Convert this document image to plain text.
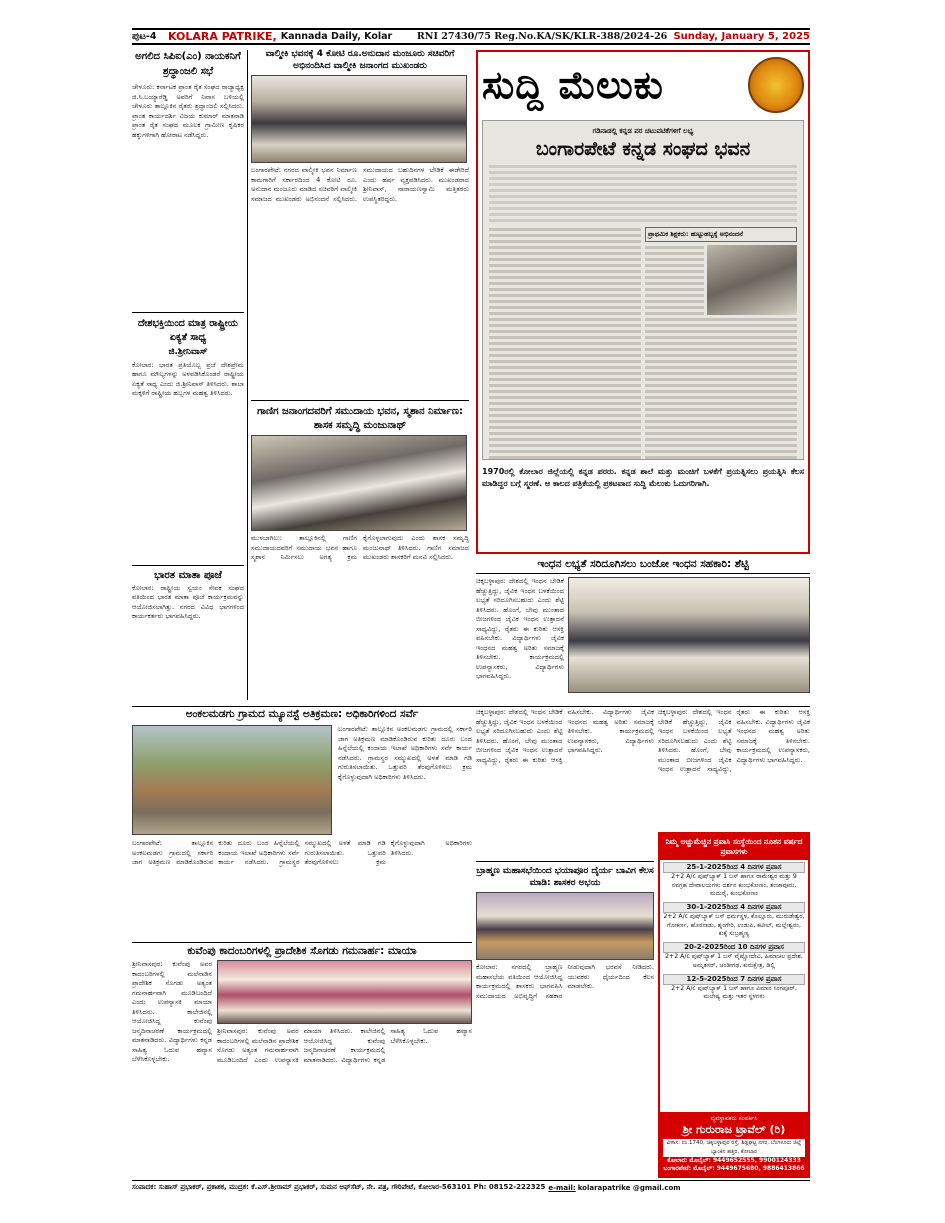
ಪುಟ-4	KOLARA PATRIKE, Kannada Daily, Kolar	RNI 27430/75 Reg.No.KA/SK/KLR-388/2024-26 Sunday, January 5, 2025
ಅಗಲಿದ ಸಿಪಿಐ(ಎಂ) ನಾಯಕನಿಗೆ ಶ್ರದ್ಧಾಂಜಲಿ ಸಭೆ
ಚೇಳೂರು: ಕರ್ನಾಟಕ ಪ್ರಾಂತ ರೈತ ಸಂಘದ ರಾಜ್ಯಾಧ್ಯಕ್ಷ ಜಿ.ಸಿ.ಬಯ್ಯಾರೆಡ್ಡಿ ಅವರಿಗೆ ನಿವಾಸ ಬಳಿಯಲ್ಲಿ ಚೇಳೂರು ತಾಲ್ಲೂಕಿನ ರೈತರು ಶ್ರದ್ಧಾಂಜಲಿ ಸಲ್ಲಿಸಿದರು. ಪ್ರಾಂತ ಕಾರ್ಯದರ್ಶಿ ವಿಜಯ ಕುಮಾರ್ ಮಾತನಾಡಿ ಪ್ರಾಂತ ರೈತ ಸಂಘದ ಮೂಲಕ ಗ್ರಾಮೀಣ ಕೃಷಿಕರ ಹಕ್ಕುಗಳಿಗಾಗಿ ಹೋರಾಟ ನಡೆಸಿದ್ದರು.
ದೇಶಭಕ್ತಿಯಿಂದ ಮಾತ್ರ ರಾಷ್ಟ್ರೀಯ ಏಕ್ಯತೆ ಸಾಧ್ಯ
ಜಿ.ಶ್ರೀನಿವಾಸ್
ಕೋಲಾರ: ಭಾರತ ಪ್ರತಿಯೊಬ್ಬ ಪ್ರಜೆ ದೇಶಪ್ರೇಮ ಹಾಗೂ ಮೌಲ್ಯಗಳನ್ನು ಅಳವಡಿಸಿಕೊಂಡರೆ ರಾಷ್ಟ್ರೀಯ ಏಕ್ಯತೆ ಸಾಧ್ಯ ಎಂದು ಜಿ.ಶ್ರೀನಿವಾಸ್ ತಿಳಿಸಿದರು. ಶಾಲಾ ಮಕ್ಕಳಿಗೆ ರಾಷ್ಟ್ರೀಯ ಹಬ್ಬಗಳ ಮಹತ್ವ ತಿಳಿಸಿದರು.
ಭಾರತ ಮಾತಾ ಪೂಜೆ
ಕೋಲಾರ: ರಾಷ್ಟ್ರೀಯ ಸ್ವಯಂ ಸೇವಕ ಸಂಘದ ವತಿಯಿಂದ ಭಾರತ ಮಾತಾ ಪೂಜೆ ಕಾರ್ಯಕ್ರಮವನ್ನು ಆಯೋಜಿಸಲಾಗಿತ್ತು. ನಗರದ ವಿವಿಧ ಭಾಗಗಳಿಂದ ಕಾರ್ಯಕರ್ತರು ಭಾಗವಹಿಸಿದ್ದರು.
ವಾಲ್ಮೀಕಿ ಭವನಕ್ಕೆ 4 ಕೋಟಿ ರೂ.ಅನುದಾನ ಮಂಜೂರು ಸಚಿವರಿಗೆ ಅಭಿನಂದಿಸಿದ ವಾಲ್ಮೀಕಿ ಜನಾಂಗದ ಮುಖಂಡರು
ಬಂಗಾರಪೇಟೆ: ನಗರದ ವಾಲ್ಮೀಕಿ ಭವನ ನಿರ್ಮಾಣ ಕಾಮಗಾರಿಗೆ ಸರ್ಕಾರದಿಂದ 4 ಕೋಟಿ ರೂ. ಅನುದಾನ ಮಂಜೂರು ಮಾಡಿದ ಸಚಿವರಿಗೆ ವಾಲ್ಮೀಕಿ ಸಮಾಜದ ಮುಖಂಡರು ಅಭಿನಂದನೆ ಸಲ್ಲಿಸಿದರು. ಸಮುದಾಯದ ಬಹುದಿನಗಳ ಬೇಡಿಕೆ ಈಡೇರಿದೆ ಎಂದು ಹರ್ಷ ವ್ಯಕ್ತಪಡಿಸಿದರು. ಮುಖಂಡರಾದ ಶ್ರೀನಿವಾಸ್, ನಾರಾಯಣಸ್ವಾಮಿ ಮತ್ತಿತರರು ಉಪಸ್ಥಿತರಿದ್ದರು.
ಗಾಣಿಗ ಜನಾಂಗದವರಿಗೆ ಸಮುದಾಯ ಭವನ, ಸ್ಮಶಾನ ನಿರ್ಮಾಣ: ಶಾಸಕ ಸಮೃದ್ಧಿ ಮಂಜುನಾಥ್
ಮುಳಬಾಗಿಲು: ತಾಲ್ಲೂಕಿನಲ್ಲಿ ಗಾಣಿಗ ಸಮುದಾಯದವರಿಗೆ ಸಮುದಾಯ ಭವನ ಹಾಗೂ ಸ್ಮಶಾನ ನಿರ್ಮಿಸಲು ಅಗತ್ಯ ಕ್ರಮ ಕೈಗೊಳ್ಳಲಾಗುವುದು ಎಂದು ಶಾಸಕ ಸಮೃದ್ಧಿ ಮಂಜುನಾಥ್ ತಿಳಿಸಿದರು. ಗಾಣಿಗ ಸಮಾಜದ ಮುಖಂಡರು ಶಾಸಕರಿಗೆ ಮನವಿ ಸಲ್ಲಿಸಿದರು.
ಸುದ್ದಿ ಮೆಲುಕು
ಗಡಿನಾಡಲ್ಲಿ ಕನ್ನಡ ಪರ ಚಟುವಟಿಕೆಗಳಿಗೆ ಲಭ್ಯ
ಬಂಗಾರಪೇಟೆ ಕನ್ನಡ ಸಂಘದ ಭವನ
ಪ್ರಾಥಮಿಕ ಶಿಕ್ಷಕರು: ಹುಟ್ಟುಹಬ್ಬಕ್ಕೆ ಅಭಿನಂದನೆ
1970ರಲ್ಲಿ ಕೋಲಾರ ಜಿಲ್ಲೆಯಲ್ಲಿ ಕನ್ನಡ ಪರರು. ಕನ್ನಡ ಶಾಲೆ ಮತ್ತು ಮಂಚಿಗೆ ಬಳಕೆಗೆ ಪ್ರಯತ್ನಿಸಲು ಪ್ರಯತ್ನಿಸಿ ಕೆಲಸ ಮಾಡಿದ್ದರ ಬಗ್ಗೆ ಸ್ಮರಣೆ. ಆ ಕಾಲದ ಪತ್ರಿಕೆಯಲ್ಲಿ ಪ್ರಕಟವಾದ ಸುದ್ದಿ ಮೆಲುಕು ಓದುಗರಿಗಾಗಿ.
ಇಂಧನ ಲಭ್ಯತೆ ಸರಿದೂಗಿಸಲು ಬಂಜೋ ಇಂಧನ ಸಹಕಾರಿ: ಶೆಟ್ಟಿ
ಚಿಕ್ಕಬಳ್ಳಾಪುರ: ದೇಶದಲ್ಲಿ ಇಂಧನ ಬೇಡಿಕೆ ಹೆಚ್ಚುತ್ತಿದ್ದು, ಜೈವಿಕ ಇಂಧನ ಬಳಕೆಯಿಂದ ಲಭ್ಯತೆ ಸರಿದೂಗಿಸಬಹುದು ಎಂದು ಶೆಟ್ಟಿ ತಿಳಿಸಿದರು. ಹೊಂಗೆ, ಬೇವು ಮುಂತಾದ ಬೀಜಗಳಿಂದ ಜೈವಿಕ ಇಂಧನ ಉತ್ಪಾದನೆ ಸಾಧ್ಯವಿದ್ದು, ರೈತರು ಈ ಕುರಿತು ಆಸಕ್ತಿ ವಹಿಸಬೇಕು. ವಿದ್ಯಾರ್ಥಿಗಳು ಜೈವಿಕ ಇಂಧನದ ಮಹತ್ವ ಅರಿತು ಸಮಾಜಕ್ಕೆ ತಿಳಿಸಬೇಕು. ಕಾರ್ಯಕ್ರಮದಲ್ಲಿ ಉಪನ್ಯಾಸಕರು, ವಿದ್ಯಾರ್ಥಿಗಳು ಭಾಗವಹಿಸಿದ್ದರು.
ಅಂಕಲಮಡಗು ಗ್ರಾಮದ ಮ್ಯೂನಸ್ಟೆ ಅತಿಕ್ರಮಣ: ಅಧಿಕಾರಿಗಳಿಂದ ಸರ್ವೆ
ಬಂಗಾರಪೇಟೆ: ತಾಲ್ಲೂಕಿನ ಅಂಕಲಮಡಗು ಗ್ರಾಮದಲ್ಲಿ ಸರ್ಕಾರಿ ಜಾಗ ಅತಿಕ್ರಮಣ ಮಾಡಿಕೊಂಡಿರುವ ಕುರಿತು ದೂರು ಬಂದ ಹಿನ್ನೆಲೆಯಲ್ಲಿ ಕಂದಾಯ ಇಲಾಖೆ ಅಧಿಕಾರಿಗಳು ಸರ್ವೆ ಕಾರ್ಯ ನಡೆಸಿದರು. ಗ್ರಾಮಸ್ಥರ ಸಮ್ಮುಖದಲ್ಲಿ ಅಳತೆ ಮಾಡಿ ಗಡಿ ಗುರುತಿಸಲಾಯಿತು. ಒತ್ತುವರಿ ತೆರವುಗೊಳಿಸಲು ಕ್ರಮ ಕೈಗೊಳ್ಳುವುದಾಗಿ ಅಧಿಕಾರಿಗಳು ತಿಳಿಸಿದರು.
ಬಂಗಾರಪೇಟೆ: ತಾಲ್ಲೂಕಿನ ಅಂಕಲಮಡಗು ಗ್ರಾಮದಲ್ಲಿ ಸರ್ಕಾರಿ ಜಾಗ ಅತಿಕ್ರಮಣ ಮಾಡಿಕೊಂಡಿರುವ ಕುರಿತು ದೂರು ಬಂದ ಹಿನ್ನೆಲೆಯಲ್ಲಿ ಕಂದಾಯ ಇಲಾಖೆ ಅಧಿಕಾರಿಗಳು ಸರ್ವೆ ಕಾರ್ಯ ನಡೆಸಿದರು. ಗ್ರಾಮಸ್ಥರ ಸಮ್ಮುಖದಲ್ಲಿ ಅಳತೆ ಮಾಡಿ ಗಡಿ ಗುರುತಿಸಲಾಯಿತು. ಒತ್ತುವರಿ ತೆರವುಗೊಳಿಸಲು ಕ್ರಮ ಕೈಗೊಳ್ಳುವುದಾಗಿ ಅಧಿಕಾರಿಗಳು ತಿಳಿಸಿದರು.
ಕುವೆಂಪು ಕಾದಂಬರಿಗಳಲ್ಲಿ ಪ್ರಾದೇಶಿಕ ಸೊಗಡು ಗಮನಾರ್ಹ: ಮಾಯಾ
ಶ್ರೀನಿವಾಸಪುರ: ಕುವೆಂಪು ಅವರ ಕಾದಂಬರಿಗಳಲ್ಲಿ ಮಲೆನಾಡಿನ ಪ್ರಾದೇಶಿಕ ಸೊಗಡು ಅತ್ಯಂತ ಗಮನಾರ್ಹವಾಗಿ ಮೂಡಿಬಂದಿದೆ ಎಂದು ಉಪನ್ಯಾಸಕಿ ಮಾಯಾ ತಿಳಿಸಿದರು. ಕಾಲೇಜಿನಲ್ಲಿ ಆಯೋಜಿಸಿದ್ದ ಕುವೆಂಪು ಜನ್ಮದಿನಾಚರಣೆ ಕಾರ್ಯಕ್ರಮದಲ್ಲಿ ಮಾತನಾಡಿದರು. ವಿದ್ಯಾರ್ಥಿಗಳು ಕನ್ನಡ ಸಾಹಿತ್ಯ ಓದುವ ಹವ್ಯಾಸ ಬೆಳೆಸಿಕೊಳ್ಳಬೇಕು.
ಶ್ರೀನಿವಾಸಪುರ: ಕುವೆಂಪು ಅವರ ಕಾದಂಬರಿಗಳಲ್ಲಿ ಮಲೆನಾಡಿನ ಪ್ರಾದೇಶಿಕ ಸೊಗಡು ಅತ್ಯಂತ ಗಮನಾರ್ಹವಾಗಿ ಮೂಡಿಬಂದಿದೆ ಎಂದು ಉಪನ್ಯಾಸಕಿ ಮಾಯಾ ತಿಳಿಸಿದರು. ಕಾಲೇಜಿನಲ್ಲಿ ಆಯೋಜಿಸಿದ್ದ ಕುವೆಂಪು ಜನ್ಮದಿನಾಚರಣೆ ಕಾರ್ಯಕ್ರಮದಲ್ಲಿ ಮಾತನಾಡಿದರು. ವಿದ್ಯಾರ್ಥಿಗಳು ಕನ್ನಡ ಸಾಹಿತ್ಯ ಓದುವ ಹವ್ಯಾಸ ಬೆಳೆಸಿಕೊಳ್ಳಬೇಕು.
ಚಿಕ್ಕಬಳ್ಳಾಪುರ: ದೇಶದಲ್ಲಿ ಇಂಧನ ಬೇಡಿಕೆ ಹೆಚ್ಚುತ್ತಿದ್ದು, ಜೈವಿಕ ಇಂಧನ ಬಳಕೆಯಿಂದ ಲಭ್ಯತೆ ಸರಿದೂಗಿಸಬಹುದು ಎಂದು ಶೆಟ್ಟಿ ತಿಳಿಸಿದರು. ಹೊಂಗೆ, ಬೇವು ಮುಂತಾದ ಬೀಜಗಳಿಂದ ಜೈವಿಕ ಇಂಧನ ಉತ್ಪಾದನೆ ಸಾಧ್ಯವಿದ್ದು, ರೈತರು ಈ ಕುರಿತು ಆಸಕ್ತಿ ವಹಿಸಬೇಕು. ವಿದ್ಯಾರ್ಥಿಗಳು ಜೈವಿಕ ಇಂಧನದ ಮಹತ್ವ ಅರಿತು ಸಮಾಜಕ್ಕೆ ತಿಳಿಸಬೇಕು. ಕಾರ್ಯಕ್ರಮದಲ್ಲಿ ಉಪನ್ಯಾಸಕರು, ವಿದ್ಯಾರ್ಥಿಗಳು ಭಾಗವಹಿಸಿದ್ದರು.
ಬ್ರಾಹ್ಮಣ ಮಹಾಸಭೆಯಿಂದ ಭಯಾಪೂರ ದೈರ್ಯ ಬಾವಿಗ ಕೆಲಸ ಮಾಡಿ: ಶಾಸಕರ ಅಭಯ
ಕೋಲಾರ: ನಗರದಲ್ಲಿ ಬ್ರಾಹ್ಮಣ ಮಹಾಸಭೆಯ ವತಿಯಿಂದ ಆಯೋಜಿಸಿದ್ದ ಕಾರ್ಯಕ್ರಮದಲ್ಲಿ ಶಾಸಕರು ಭಾಗವಹಿಸಿ ಸಮುದಾಯದ ಅಭಿವೃದ್ಧಿಗೆ ಸಹಕಾರ ನೀಡುವುದಾಗಿ ಭರವಸೆ ನೀಡಿದರು. ಯುವಕರು ಧೈರ್ಯದಿಂದ ಕೆಲಸ ಮಾಡಬೇಕು.
ಚಿಕ್ಕಬಳ್ಳಾಪುರ: ದೇಶದಲ್ಲಿ ಇಂಧನ ಬೇಡಿಕೆ ಹೆಚ್ಚುತ್ತಿದ್ದು, ಜೈವಿಕ ಇಂಧನ ಬಳಕೆಯಿಂದ ಲಭ್ಯತೆ ಸರಿದೂಗಿಸಬಹುದು ಎಂದು ಶೆಟ್ಟಿ ತಿಳಿಸಿದರು. ಹೊಂಗೆ, ಬೇವು ಮುಂತಾದ ಬೀಜಗಳಿಂದ ಜೈವಿಕ ಇಂಧನ ಉತ್ಪಾದನೆ ಸಾಧ್ಯವಿದ್ದು, ರೈತರು ಈ ಕುರಿತು ಆಸಕ್ತಿ ವಹಿಸಬೇಕು. ವಿದ್ಯಾರ್ಥಿಗಳು ಜೈವಿಕ ಇಂಧನದ ಮಹತ್ವ ಅರಿತು ಸಮಾಜಕ್ಕೆ ತಿಳಿಸಬೇಕು. ಕಾರ್ಯಕ್ರಮದಲ್ಲಿ ಉಪನ್ಯಾಸಕರು, ವಿದ್ಯಾರ್ಥಿಗಳು ಭಾಗವಹಿಸಿದ್ದರು.
ನಿಮ್ಮ ಅಚ್ಚುಮೆಚ್ಚಿನ ಪ್ರವಾಸಿ ಸಂಸ್ಥೆಯಿಂದ ನೂತನ ವರ್ಷದ ಪ್ರವಾಸಗಳು
25-1-2025ರಿಂದ 4 ದಿನಗಳ ಪ್ರವಾಸ
2+2 A/c ಪುಷ್‌ಬ್ಯಾಕ್ 1 ಬಸ್ ಹಾಗೂ ರಾಮೇಶ್ವರ ಮತ್ತು 9 ನವಗ್ರಹ ದೇವಾಲಯಗಳು ದರ್ಶನ ಕುಂಭಕೋಣಂ, ತಂಜಾವೂರು, ಮದುರೈ, ಕುಂಭಕೋಣಂ
30-1-2025ರಿಂದ 4 ದಿನಗಳ ಪ್ರವಾಸ
2+2 A/c ಪುಷ್‌ಬ್ಯಾಕ್ ಬಸ್ ಧರ್ಮಸ್ಥಳ, ಕೊಲ್ಲೂರು, ಮುರುಡೇಶ್ವರ, ಗೋಕರ್ಣ, ಹೊರನಾಡು, ಶೃಂಗೇರಿ, ಉಡುಪಿ, ಕಟೀಲ್, ಮಲ್ಲೇಶ್ವರಂ, ಕುಕ್ಕೆ ಸುಬ್ರಹ್ಮಣ್ಯ
20-2-2025ರಿಂದ 10 ದಿನಗಳ ಪ್ರವಾಸ
2+2 A/c ಪುಷ್‌ಬ್ಯಾಕ್ 1 ಬಸ್ ವೈಷ್ಣೋದೇವಿ, ಹಿಮಾಚಲ ಪ್ರದೇಶ, ಅಮೃತಸರ್, ಚಂಡೀಗಢ, ಕುರುಕ್ಷೇತ್ರ, ಡಿಲ್ಲಿ
12-5-2025ರಿಂದ 7 ದಿನಗಳ ಪ್ರವಾಸ
2+2 A/c ಪುಷ್‌ಬ್ಯಾಕ್ 1 ಬಸ್ ಹಾಗೂ ವಿಮಾನ ಸಿಂಗಪೂರ್, ಮಲೇಷ್ಯ ಮತ್ತು ಇತರ ಸ್ಥಳಗಳು
ವ್ಯವಸ್ಥಾಪಕರು ಸಂಪರ್ಕಿಸಿ
ಶ್ರೀ ಗುರುರಾಜ ಟ್ರಾವೆಲ್ (ರಿ)
ವಿಳಾಸ: ನಂ.1740, ಚಿಕ್ಕಬಳ್ಳಾಪುರ ರಸ್ತೆ, ಶಿಡ್ಲಘಟ್ಟ ನಗರ, ಬೆಂಗಳೂರು ಜಿಲ್ಲೆ
ಬ್ಯಾಂಕಿನ ಹತ್ತಿರ, ಕೋಲಾರ
ಕೋಲಾರ: ಮೊಬೈಲ್: 9449652555, 9900124333
ಬಂಗಾರಪೇಟೆ: ಮೊಬೈಲ್: 9449675680, 9886413866
ಸಂಪಾದಕ: ಸುಹಾಸ್ ಪ್ರಭಾಕರ್, ಪ್ರಕಾಶಕ, ಮುದ್ರಕ: ಕೆ.ಎಸ್.ಶ್ರೀರಾಮ್ ಪ್ರಭಾಕರ್, ಸುಮನ ಆಫ್‌ಸೆಟ್, ನೇ. ಪತ್ರ, ಗೌರಿಪೇಟೆ, ಕೋಲಾರ-563101 Ph: 08152-222325 e-mail: kolarapatrike @gmail.com
